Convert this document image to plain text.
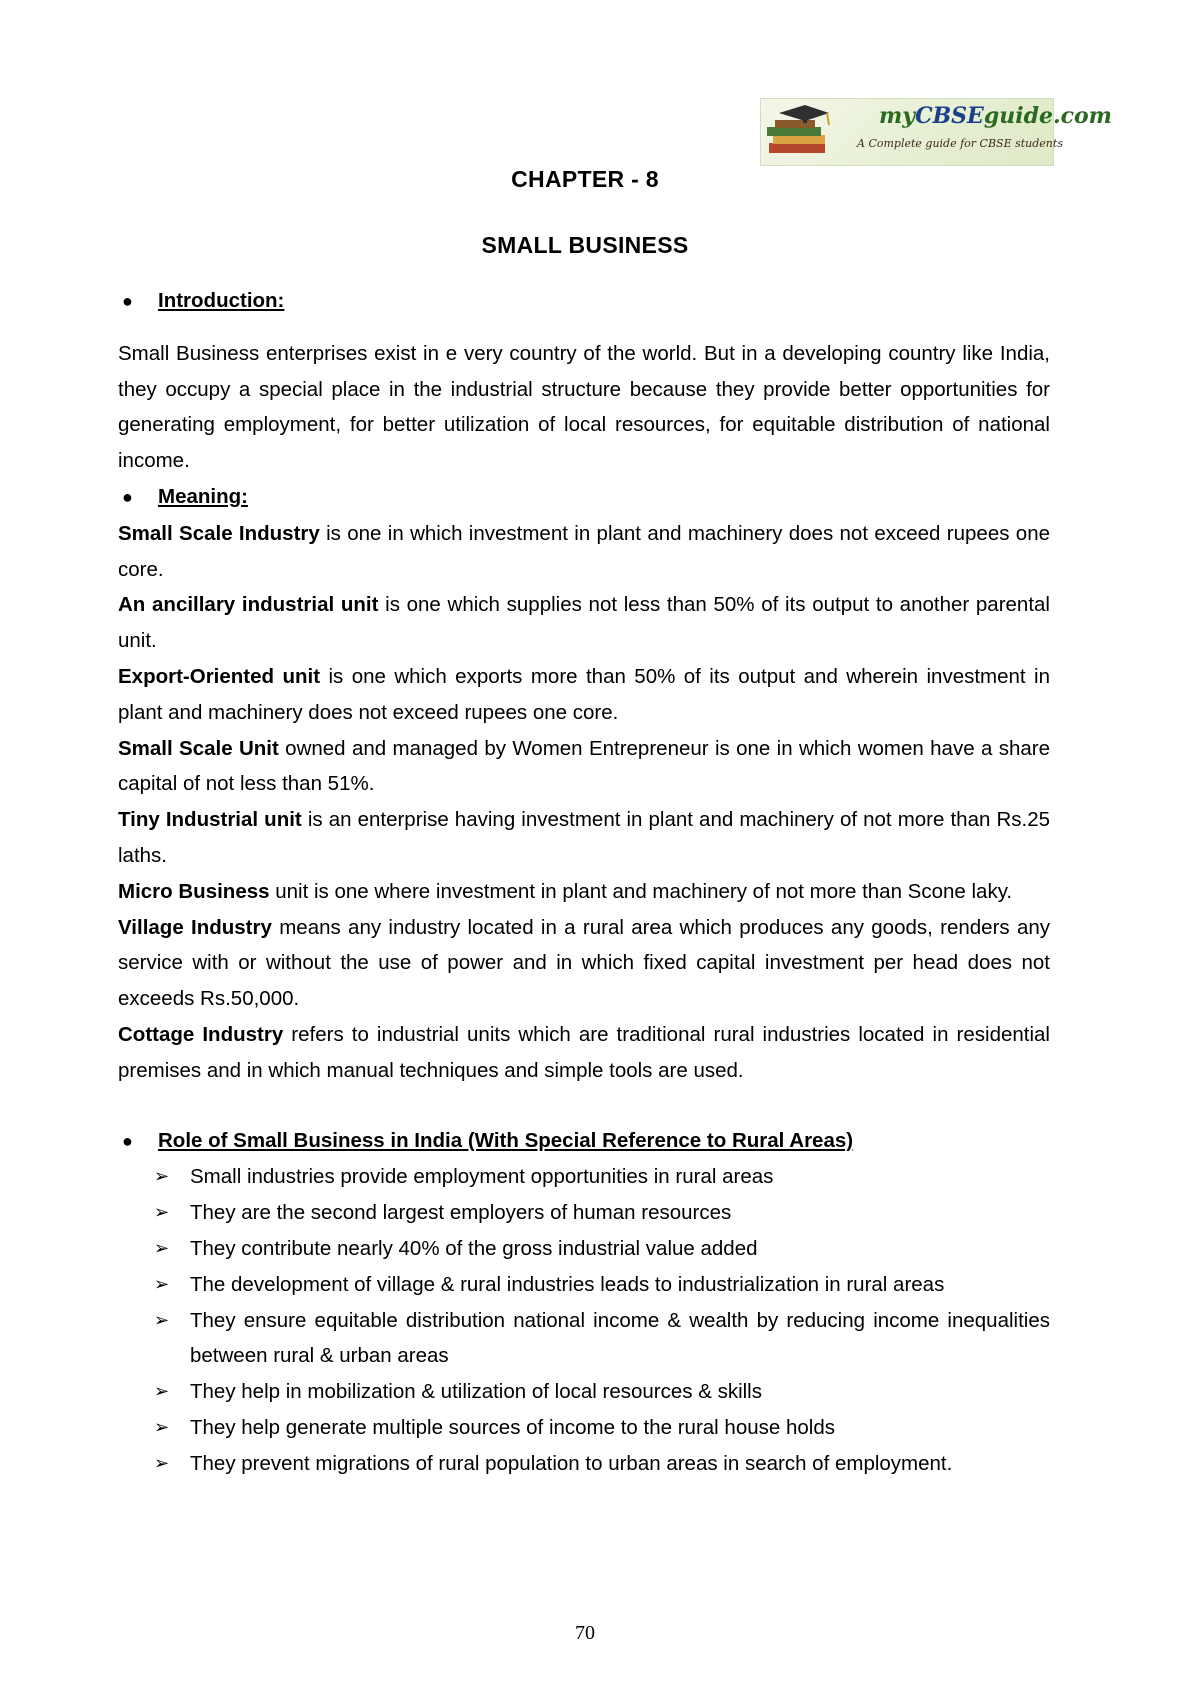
myCBSEguide.com
A Complete guide for CBSE students
CHAPTER - 8
SMALL BUSINESS
●	Introduction:

Small Business enterprises exist in e very country of the world. But in a developing country like India, they occupy a special place in the industrial structure because they provide better opportunities for generating employment, for better utilization of local resources, for equitable distribution of national income.

●	Meaning:

Small Scale Industry is one in which investment in plant and machinery does not exceed rupees one core.

An ancillary industrial unit is one which supplies not less than 50% of its output to another parental unit.

Export-Oriented unit is one which exports more than 50% of its output and wherein investment in plant and machinery does not exceed rupees one core.

Small Scale Unit owned and managed by Women Entrepreneur is one in which women have a share capital of not less than 51%.

Tiny Industrial unit is an enterprise having investment in plant and machinery of not more than Rs.25 laths.

Micro Business unit is one where investment in plant and machinery of not more than Scone laky.

Village Industry means any industry located in a rural area which produces any goods, renders any service with or without the use of power and in which fixed capital investment per head does not exceeds Rs.50,000.

Cottage Industry refers to industrial units which are traditional rural industries located in residential premises and in which manual techniques and simple tools are used.

●	Role of Small Business in India (With Special Reference to Rural Areas)
➢	Small industries provide employment opportunities in rural areas
➢	They are the second largest employers of human resources
➢	They contribute nearly 40% of the gross industrial value added
➢	The development of village & rural industries leads to industrialization in rural areas
➢	They ensure equitable distribution national income & wealth by reducing income inequalities between rural & urban areas
➢	They help in mobilization & utilization of local resources & skills
➢	They help generate multiple sources of income to the rural house holds
➢	They prevent migrations of rural population to urban areas in search of employment.
70
